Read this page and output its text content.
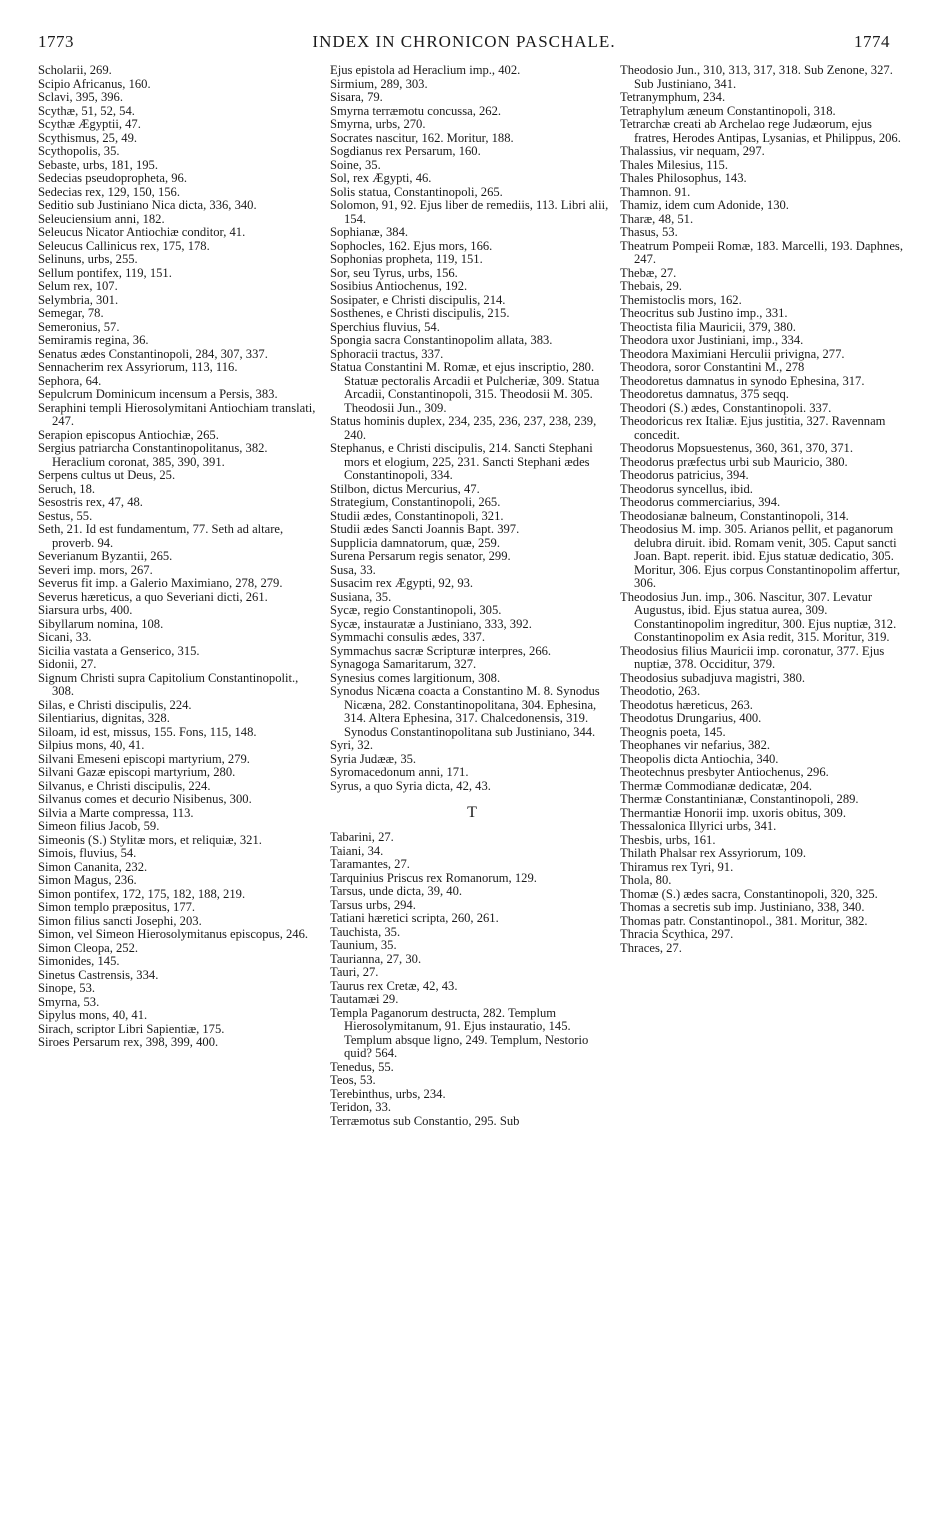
1773	INDEX IN CHRONICON PASCHALE.	1774

Scholarii, 269.

Scipio Africanus, 160.

Sclavi, 395, 396.

Scythæ, 51, 52, 54.

Scythæ Ægyptii, 47.

Scythismus, 25, 49.

Scythopolis, 35.

Sebaste, urbs, 181, 195.

Sedecias pseudopropheta, 96.

Sedecias rex, 129, 150, 156.

Seditio sub Justiniano Nica dicta, 336, 340.

Seleuciensium anni, 182.

Seleucus Nicator Antiochiæ conditor, 41.

Seleucus Callinicus rex, 175, 178.

Selinuns, urbs, 255.

Sellum pontifex, 119, 151.

Selum rex, 107.

Selymbria, 301.

Semegar, 78.

Semeronius, 57.

Semiramis regina, 36.

Senatus ædes Constantinopoli, 284, 307, 337.

Sennacherim rex Assyriorum, 113, 116.

Sephora, 64.

Sepulcrum Dominicum incensum a Persis, 383.

Seraphini templi Hierosolymitani Antiochiam translati, 247.

Serapion episcopus Antiochiæ, 265.

Sergius patriarcha Constantinopolitanus, 382. Heraclium coronat, 385, 390, 391.

Serpens cultus ut Deus, 25.

Seruch, 18.

Sesostris rex, 47, 48.

Sestus, 55.

Seth, 21. Id est fundamentum, 77. Seth ad altare, proverb. 94.

Severianum Byzantii, 265.

Severi imp. mors, 267.

Severus fit imp. a Galerio Maximiano, 278, 279.

Severus hæreticus, a quo Severiani dicti, 261.

Siarsura urbs, 400.

Sibyllarum nomina, 108.

Sicani, 33.

Sicilia vastata a Genserico, 315.

Sidonii, 27.

Signum Christi supra Capitolium Constantinopolit., 308.

Silas, e Christi discipulis, 224.

Silentiarius, dignitas, 328.

Siloam, id est, missus, 155. Fons, 115, 148.

Silpius mons, 40, 41.

Silvani Emeseni episcopi martyrium, 279.

Silvani Gazæ episcopi martyrium, 280.

Silvanus, e Christi discipulis, 224.

Silvanus comes et decurio Nisibenus, 300.

Silvia a Marte compressa, 113.

Simeon filius Jacob, 59.

Simeonis (S.) Stylitæ mors, et reliquiæ, 321.

Simois, fluvius, 54.

Simon Cananita, 232.

Simon Magus, 236.

Simon pontifex, 172, 175, 182, 188, 219.

Simon templo præpositus, 177.

Simon filius sancti Josephi, 203.

Simon, vel Simeon Hierosolymitanus episcopus, 246.

Simon Cleopa, 252.

Simonides, 145.

Sinetus Castrensis, 334.

Sinope, 53.

Smyrna, 53.

Sipylus mons, 40, 41.

Sirach, scriptor Libri Sapientiæ, 175.

Siroes Persarum rex, 398, 399, 400.

Ejus epistola ad Heraclium imp., 402.

Sirmium, 289, 303.

Sisara, 79.

Smyrna terræmotu concussa, 262.

Smyrna, urbs, 270.

Socrates nascitur, 162. Moritur, 188.

Sogdianus rex Persarum, 160.

Soine, 35.

Sol, rex Ægypti, 46.

Solis statua, Constantinopoli, 265.

Solomon, 91, 92. Ejus liber de remediis, 113. Libri alii, 154.

Sophianæ, 384.

Sophocles, 162. Ejus mors, 166.

Sophonias propheta, 119, 151.

Sor, seu Tyrus, urbs, 156.

Sosibius Antiochenus, 192.

Sosipater, e Christi discipulis, 214.

Sosthenes, e Christi discipulis, 215.

Sperchius fluvius, 54.

Spongia sacra Constantinopolim allata, 383.

Sphoracii tractus, 337.

Statua Constantini M. Romæ, et ejus inscriptio, 280. Statuæ pectoralis Arcadii et Pulcheriæ, 309. Statua Arcadii, Constantinopoli, 315. Theodosii M. 305. Theodosii Jun., 309.

Status hominis duplex, 234, 235, 236, 237, 238, 239, 240.

Stephanus, e Christi discipulis, 214. Sancti Stephani mors et elogium, 225, 231. Sancti Stephani ædes Constantinopoli, 334.

Stilbon, dictus Mercurius, 47.

Strategium, Constantinopoli, 265.

Studii ædes, Constantinopoli, 321.

Studii ædes Sancti Joannis Bapt. 397.

Supplicia damnatorum, quæ, 259.

Surena Persarum regis senator, 299.

Susa, 33.

Susacim rex Ægypti, 92, 93.

Susiana, 35.

Sycæ, regio Constantinopoli, 305.

Sycæ, instauratæ a Justiniano, 333, 392.

Symmachi consulis ædes, 337.

Symmachus sacræ Scripturæ interpres, 266.

Synagoga Samaritarum, 327.

Synesius comes largitionum, 308.

Synodus Nicæna coacta a Constantino M. 8. Synodus Nicæna, 282. Constantinopolitana, 304. Ephesina, 314. Altera Ephesina, 317. Chalcedonensis, 319. Synodus Constantinopolitana sub Justiniano, 344.

Syri, 32.

Syria Judææ, 35.

Syromacedonum anni, 171.

Syrus, a quo Syria dicta, 42, 43.

T

Tabarini, 27.

Taiani, 34.

Taramantes, 27.

Tarquinius Priscus rex Romanorum, 129.

Tarsus, unde dicta, 39, 40.

Tarsus urbs, 294.

Tatiani hæretici scripta, 260, 261.

Tauchista, 35.

Taunium, 35.

Taurianna, 27, 30.

Tauri, 27.

Taurus rex Cretæ, 42, 43.

Tautamæi 29.

Templa Paganorum destructa, 282. Templum Hierosolymitanum, 91. Ejus instauratio, 145. Templum absque ligno, 249. Templum, Nestorio quid? 564.

Tenedus, 55.

Teos, 53.

Terebinthus, urbs, 234.

Teridon, 33.

Terræmotus sub Constantio, 295. Sub

Theodosio Jun., 310, 313, 317, 318. Sub Zenone, 327. Sub Justiniano, 341.

Tetranymphum, 234.

Tetraphylum æneum Constantinopoli, 318.

Tetrarchæ creati ab Archelao rege Judæorum, ejus fratres, Herodes Antipas, Lysanias, et Philippus, 206.

Thalassius, vir nequam, 297.

Thales Milesius, 115.

Thales Philosophus, 143.

Thamnon. 91.

Thamiz, idem cum Adonide, 130.

Tharæ, 48, 51.

Thasus, 53.

Theatrum Pompeii Romæ, 183. Marcelli, 193. Daphnes, 247.

Thebæ, 27.

Thebais, 29.

Themistoclis mors, 162.

Theocritus sub Justino imp., 331.

Theoctista filia Mauricii, 379, 380.

Theodora uxor Justiniani, imp., 334.

Theodora Maximiani Herculii privigna, 277.

Theodora, soror Constantini M., 278

Theodoretus damnatus in synodo Ephesina, 317.

Theodoretus damnatus, 375 seqq.

Theodori (S.) ædes, Constantinopoli. 337.

Theodoricus rex Italiæ. Ejus justitia, 327. Ravennam concedit.

Theodorus Mopsuestenus, 360, 361, 370, 371.

Theodorus præfectus urbi sub Mauricio, 380.

Theodorus patricius, 394.

Theodorus syncellus, ibid.

Theodorus commerciarius, 394.

Theodosianæ balneum, Constantinopoli, 314.

Theodosius M. imp. 305. Arianos pellit, et paganorum delubra diruit. ibid. Romam venit, 305. Caput sancti Joan. Bapt. reperit. ibid. Ejus statuæ dedicatio, 305. Moritur, 306. Ejus corpus Constantinopolim affertur, 306.

Theodosius Jun. imp., 306. Nascitur, 307. Levatur Augustus, ibid. Ejus statua aurea, 309. Constantinopolim ingreditur, 300. Ejus nuptiæ, 312. Constantinopolim ex Asia redit, 315. Moritur, 319.

Theodosius filius Mauricii imp. coronatur, 377. Ejus nuptiæ, 378. Occiditur, 379.

Theodosius subadjuva magistri, 380.

Theodotio, 263.

Theodotus hæreticus, 263.

Theodotus Drungarius, 400.

Theognis poeta, 145.

Theophanes vir nefarius, 382.

Theopolis dicta Antiochia, 340.

Theotechnus presbyter Antiochenus, 296.

Thermæ Commodianæ dedicatæ, 204.

Thermæ Constantinianæ, Constantinopoli, 289.

Thermantiæ Honorii imp. uxoris obitus, 309.

Thessalonica Illyrici urbs, 341.

Thesbis, urbs, 161.

Thilath Phalsar rex Assyriorum, 109.

Thiramus rex Tyri, 91.

Thola, 80.

Thomæ (S.) ædes sacra, Constantinopoli, 320, 325.

Thomas a secretis sub imp. Justiniano, 338, 340.

Thomas patr. Constantinopol., 381. Moritur, 382.

Thracia Scythica, 297.

Thraces, 27.
